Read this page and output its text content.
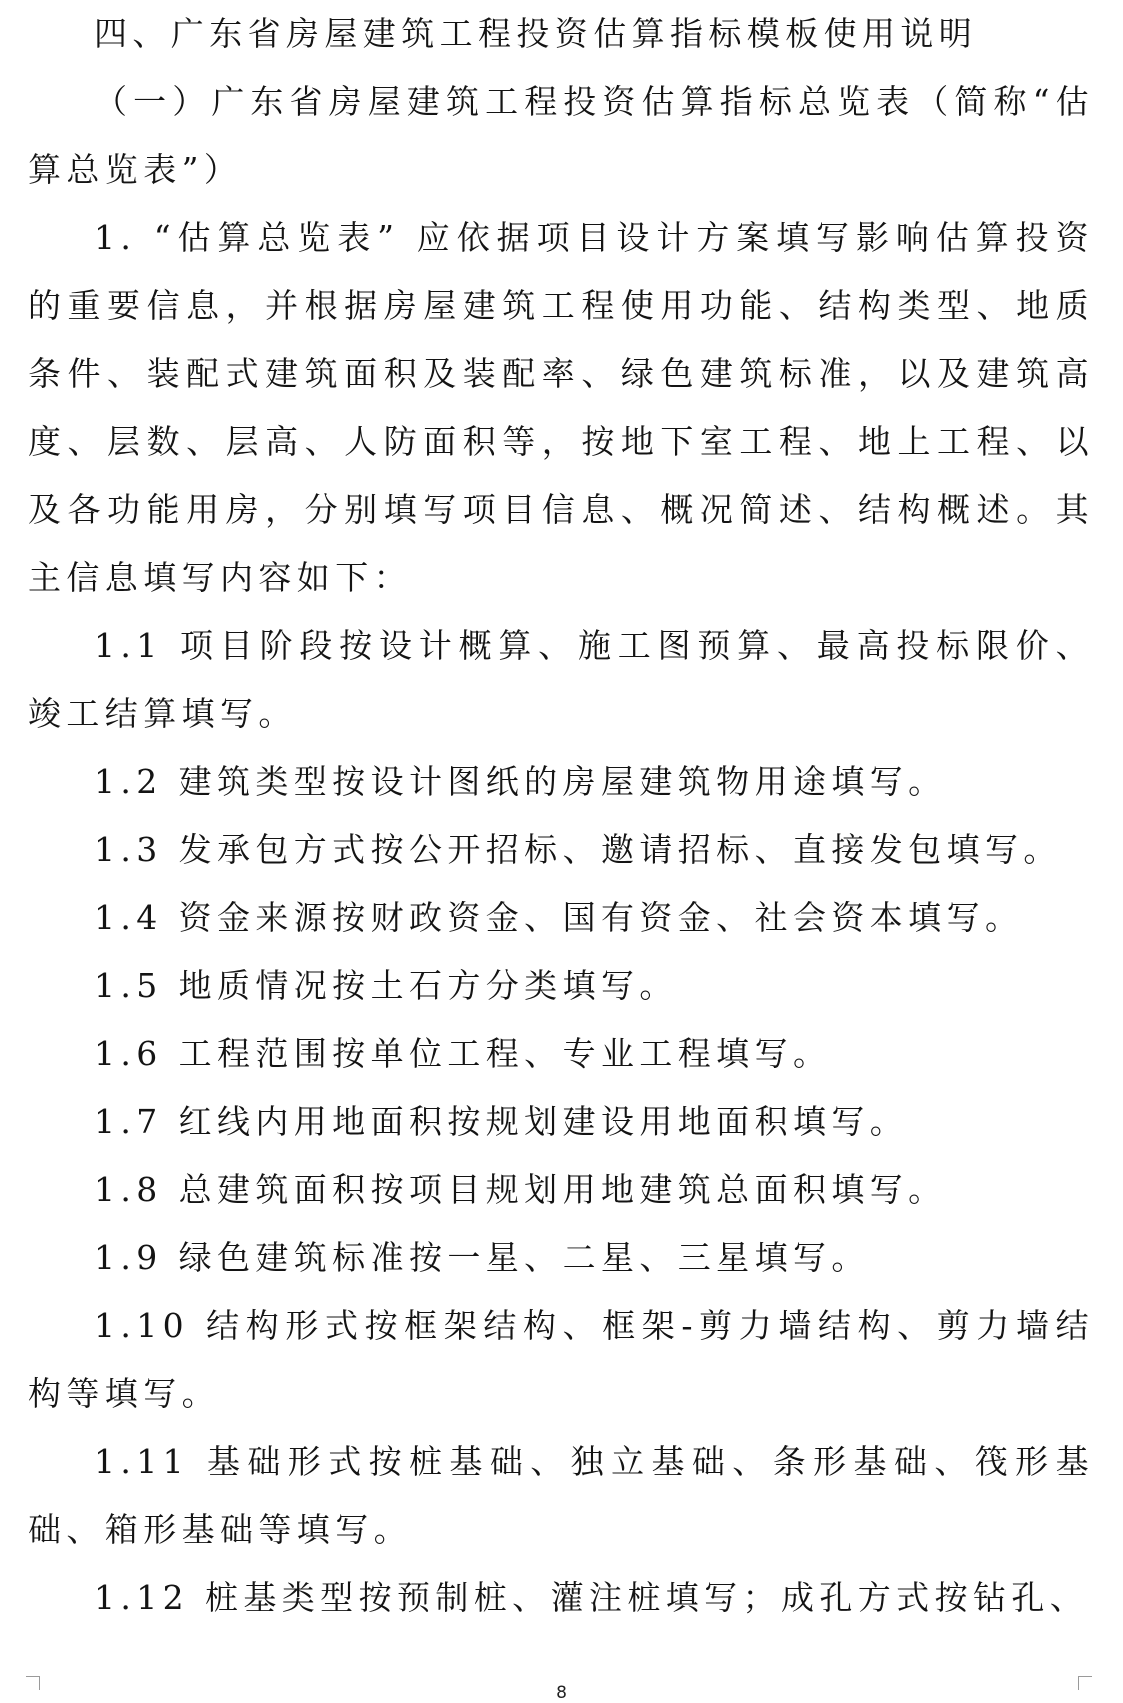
四、广东省房屋建筑工程投资估算指标模板使用说明

（一）广东省房屋建筑工程投资估算指标总览表（简称“估算总览表”）

1. “估算总览表” 应依据项目设计方案填写影响估算投资的重要信息，并根据房屋建筑工程使用功能、结构类型、地质条件、装配式建筑面积及装配率、绿色建筑标准，以及建筑高度、层数、层高、人防面积等，按地下室工程、地上工程、以及各功能用房，分别填写项目信息、概况简述、结构概述。其主信息填写内容如下：

1.1 项目阶段按设计概算、施工图预算、最高投标限价、竣工结算填写。

1.2 建筑类型按设计图纸的房屋建筑物用途填写。

1.3 发承包方式按公开招标、邀请招标、直接发包填写。

1.4 资金来源按财政资金、国有资金、社会资本填写。

1.5 地质情况按土石方分类填写。

1.6 工程范围按单位工程、专业工程填写。

1.7 红线内用地面积按规划建设用地面积填写。

1.8 总建筑面积按项目规划用地建筑总面积填写。

1.9 绿色建筑标准按一星、二星、三星填写。

1.10 结构形式按框架结构、框架-剪力墙结构、剪力墙结构等填写。

1.11 基础形式按桩基础、独立基础、条形基础、筏形基础、箱形基础等填写。

1.12 桩基类型按预制桩、灌注桩填写；成孔方式按钻孔、

8
